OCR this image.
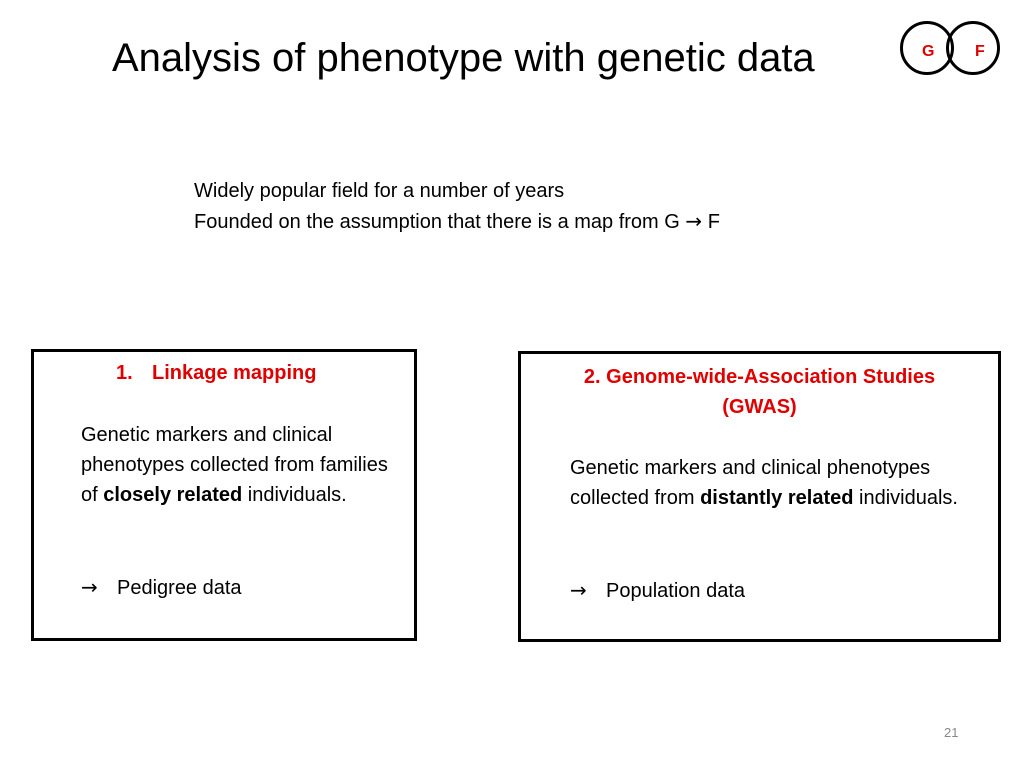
Analysis of phenotype with genetic data	G	F
Widely popular field for a number of years
Founded on the assumption that there is a map from G → F
1. Linkage mapping
Genetic markers and clinical phenotypes collected from families of closely related individuals.
→ Pedigree data
2. Genome-wide-Association Studies
(GWAS)
Genetic markers and clinical phenotypes collected from distantly related individuals.
→ Population data
21
